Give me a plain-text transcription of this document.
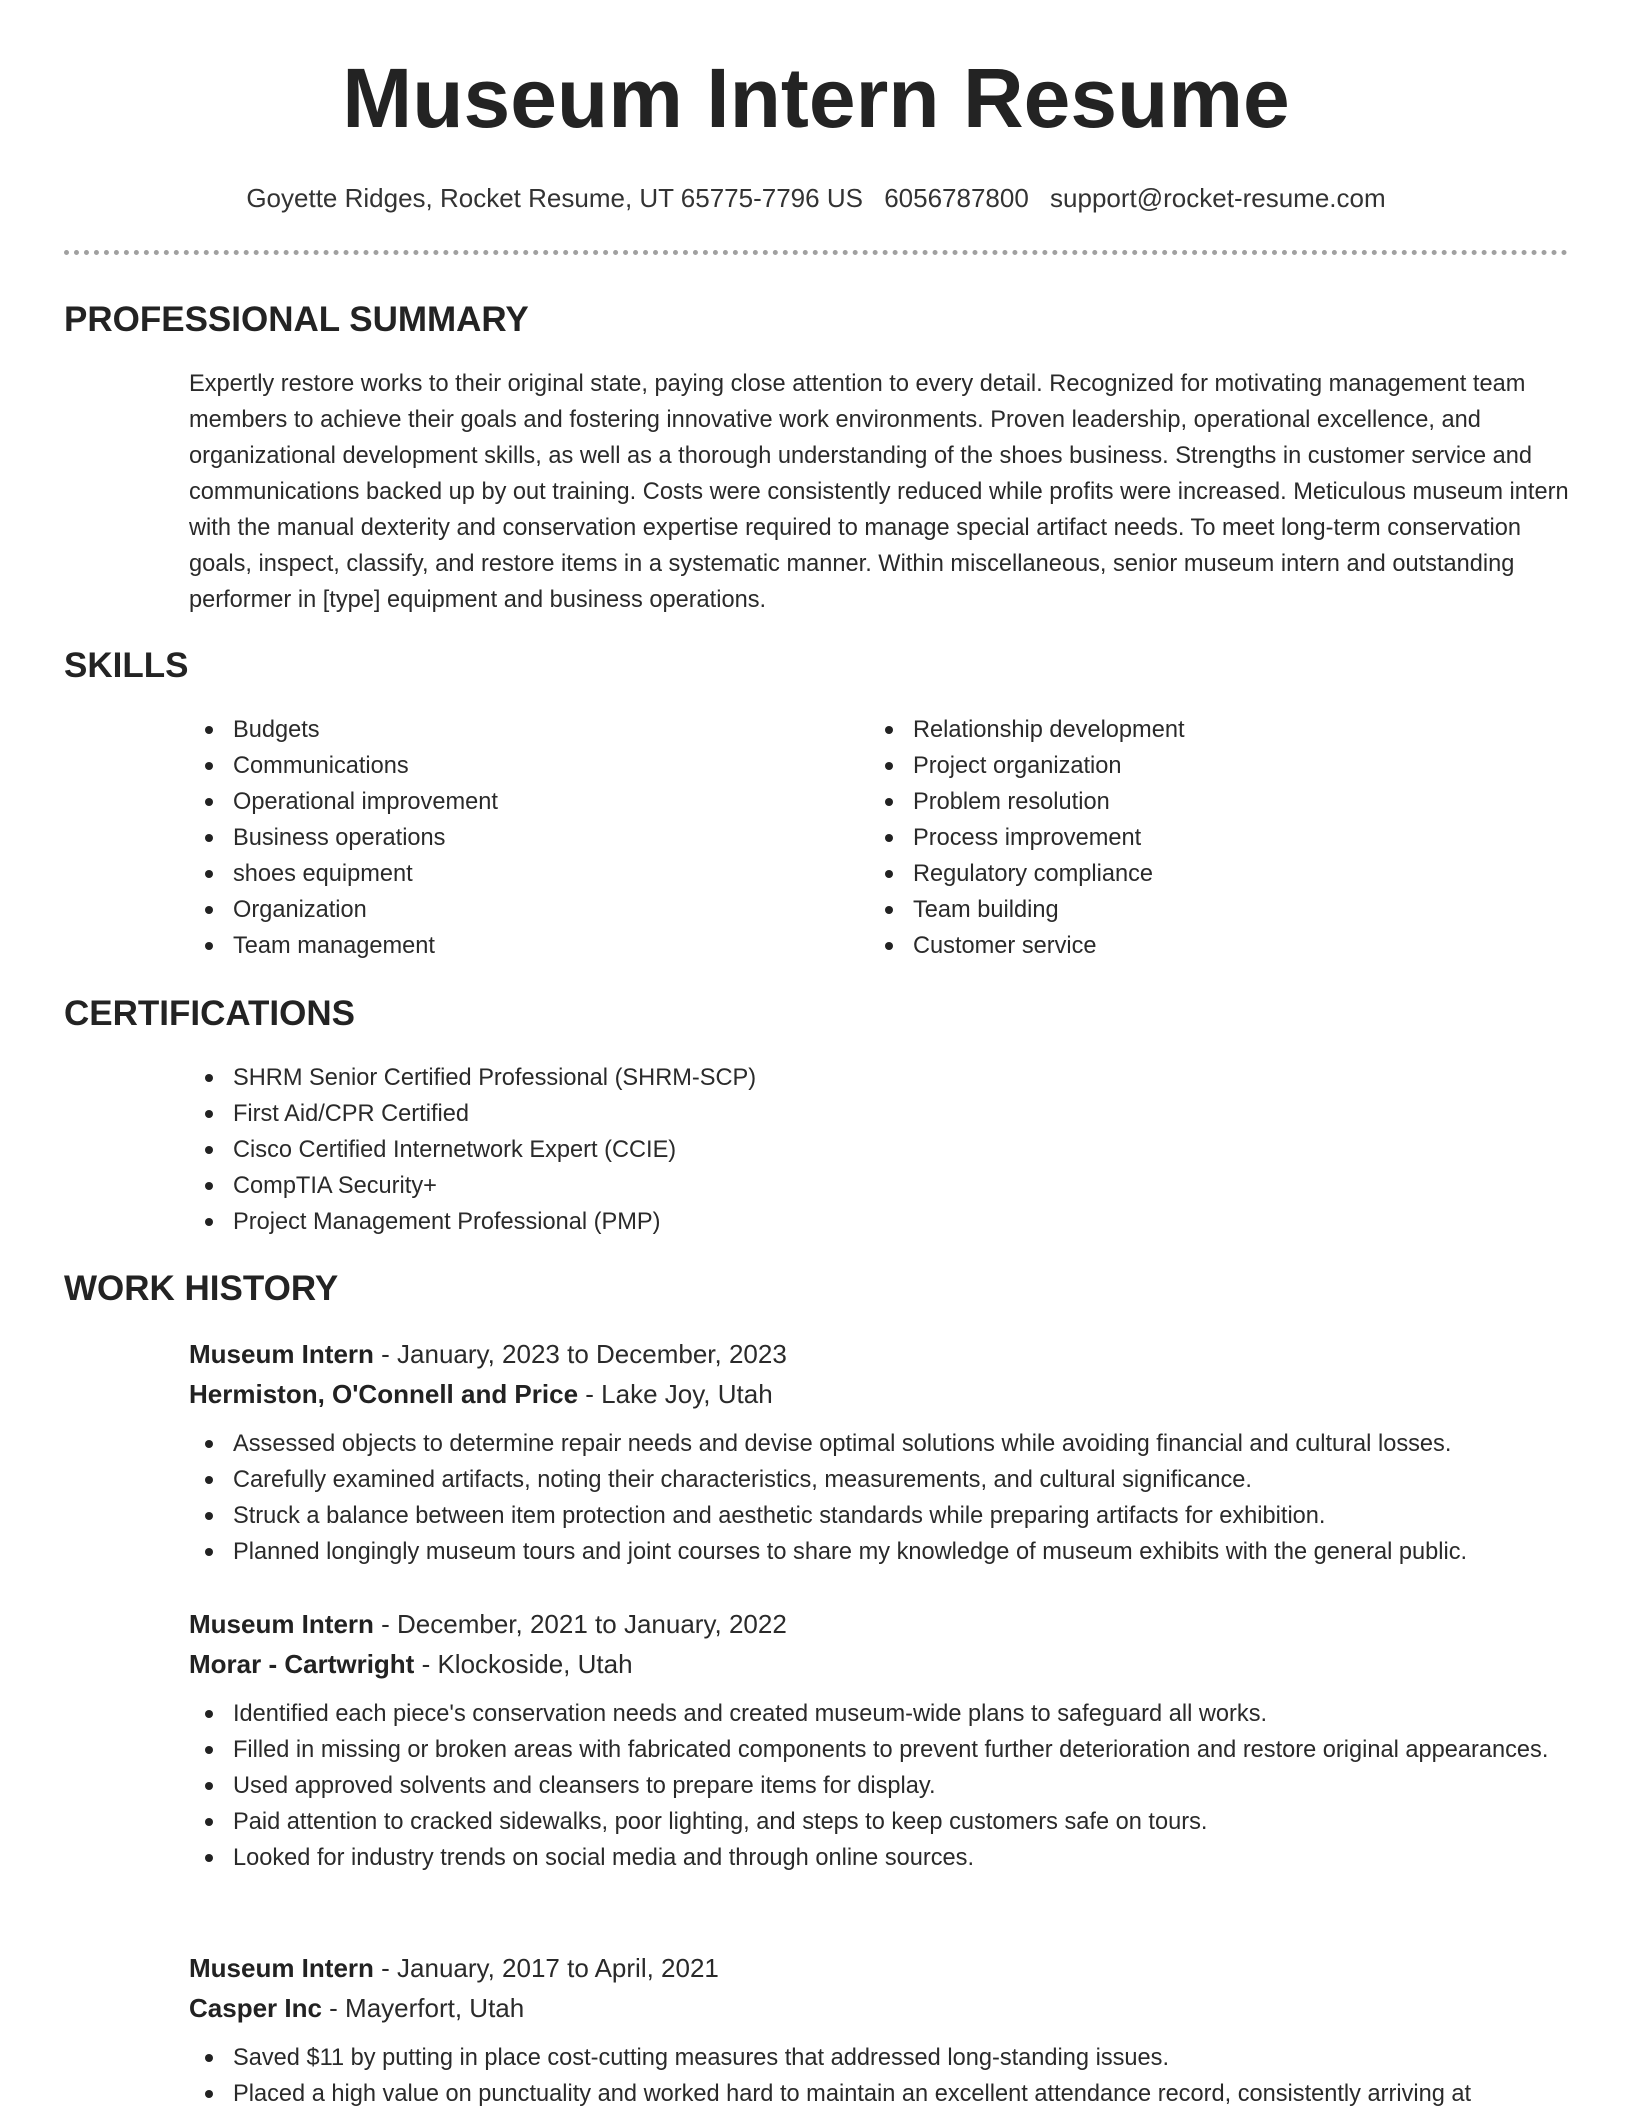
Museum Intern Resume
Goyette Ridges, Rocket Resume, UT 65775-7796 US 6056787800 support@rocket-resume.com
PROFESSIONAL SUMMARY

Expertly restore works to their original state, paying close attention to every detail. Recognized for motivating management team members to achieve their goals and fostering innovative work environments. Proven leadership, operational excellence, and organizational development skills, as well as a thorough understanding of the shoes business. Strengths in customer service and communications backed up by out training. Costs were consistently reduced while profits were increased. Meticulous museum intern with the manual dexterity and conservation expertise required to manage special artifact needs. To meet long-term conservation goals, inspect, classify, and restore items in a systematic manner. Within miscellaneous, senior museum intern and outstanding performer in [type] equipment and business operations.

SKILLS
Budgets
Communications
Operational improvement
Business operations
shoes equipment
Organization
Team management
Relationship development
Project organization
Problem resolution
Process improvement
Regulatory compliance
Team building
Customer service
CERTIFICATIONS
SHRM Senior Certified Professional (SHRM-SCP)
First Aid/CPR Certified
Cisco Certified Internetwork Expert (CCIE)
CompTIA Security+
Project Management Professional (PMP)
WORK HISTORY
Museum Intern - January, 2023 to December, 2023
Hermiston, O'Connell and Price - Lake Joy, Utah
Assessed objects to determine repair needs and devise optimal solutions while avoiding financial and cultural losses.
Carefully examined artifacts, noting their characteristics, measurements, and cultural significance.
Struck a balance between item protection and aesthetic standards while preparing artifacts for exhibition.
Planned longingly museum tours and joint courses to share my knowledge of museum exhibits with the general public.
Museum Intern - December, 2021 to January, 2022
Morar - Cartwright - Klockoside, Utah
Identified each piece's conservation needs and created museum-wide plans to safeguard all works.
Filled in missing or broken areas with fabricated components to prevent further deterioration and restore original appearances.
Used approved solvents and cleansers to prepare items for display.
Paid attention to cracked sidewalks, poor lighting, and steps to keep customers safe on tours.
Looked for industry trends on social media and through online sources.
Museum Intern - January, 2017 to April, 2021
Casper Inc - Mayerfort, Utah
Saved $11 by putting in place cost-cutting measures that addressed long-standing issues.
Placed a high value on punctuality and worked hard to maintain an excellent attendance record, consistently arriving at
